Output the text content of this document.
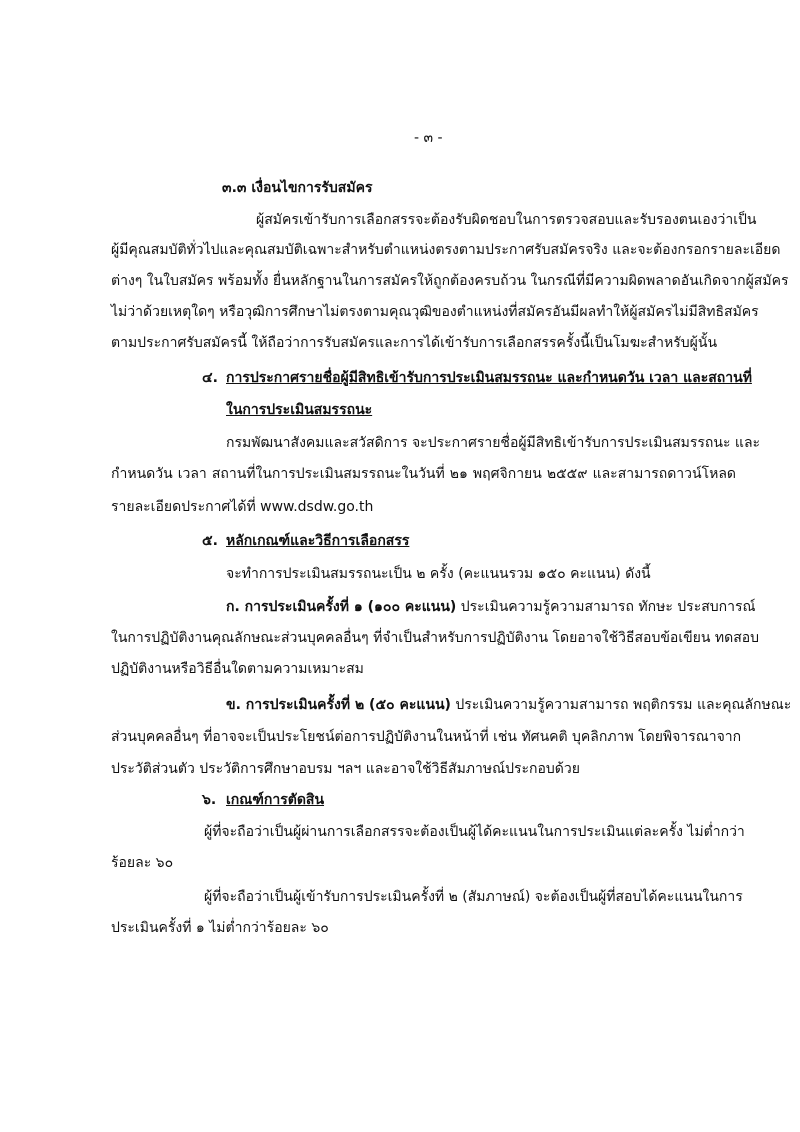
- ๓ -
๓.๓ เงื่อนไขการรับสมัคร
ผู้สมัครเข้ารับการเลือกสรรจะต้องรับผิดชอบในการตรวจสอบและรับรองตนเองว่าเป็น
ผู้มีคุณสมบัติทั่วไปและคุณสมบัติเฉพาะสำหรับตำแหน่งตรงตามประกาศรับสมัครจริง และจะต้องกรอกรายละเอียด
ต่างๆ ในใบสมัคร พร้อมทั้ง ยื่นหลักฐานในการสมัครให้ถูกต้องครบถ้วน ในกรณีที่มีความผิดพลาดอันเกิดจากผู้สมัคร
ไม่ว่าด้วยเหตุใดๆ หรือวุฒิการศึกษาไม่ตรงตามคุณวุฒิของตำแหน่งที่สมัครอันมีผลทำให้ผู้สมัครไม่มีสิทธิสมัคร
ตามประกาศรับสมัครนี้ ให้ถือว่าการรับสมัครและการได้เข้ารับการเลือกสรรครั้งนี้เป็นโมฆะสำหรับผู้นั้น
๔. การประกาศรายชื่อผู้มีสิทธิเข้ารับการประเมินสมรรถนะ และกำหนดวัน เวลา และสถานที่
ในการประเมินสมรรถนะ
กรมพัฒนาสังคมและสวัสดิการ จะประกาศรายชื่อผู้มีสิทธิเข้ารับการประเมินสมรรถนะ และ
กำหนดวัน เวลา สถานที่ในการประเมินสมรรถนะในวันที่ ๒๑ พฤศจิกายน ๒๕๕๙ และสามารถดาวน์โหลด
รายละเอียดประกาศได้ที่ www.dsdw.go.th
๕. หลักเกณฑ์และวิธีการเลือกสรร
จะทำการประเมินสมรรถนะเป็น ๒ ครั้ง (คะแนนรวม ๑๕๐ คะแนน) ดังนี้
ก. การประเมินครั้งที่ ๑ (๑๐๐ คะแนน) ประเมินความรู้ความสามารถ ทักษะ ประสบการณ์
ในการปฏิบัติงานคุณลักษณะส่วนบุคคลอื่นๆ ที่จำเป็นสำหรับการปฏิบัติงาน โดยอาจใช้วิธีสอบข้อเขียน ทดสอบ
ปฏิบัติงานหรือวิธีอื่นใดตามความเหมาะสม
ข. การประเมินครั้งที่ ๒ (๕๐ คะแนน) ประเมินความรู้ความสามารถ พฤติกรรม และคุณลักษณะ
ส่วนบุคคลอื่นๆ ที่อาจจะเป็นประโยชน์ต่อการปฏิบัติงานในหน้าที่ เช่น ทัศนคติ บุคลิกภาพ โดยพิจารณาจาก
ประวัติส่วนตัว ประวัติการศึกษาอบรม ฯลฯ และอาจใช้วิธีสัมภาษณ์ประกอบด้วย
๖. เกณฑ์การตัดสิน
ผู้ที่จะถือว่าเป็นผู้ผ่านการเลือกสรรจะต้องเป็นผู้ได้คะแนนในการประเมินแต่ละครั้ง ไม่ต่ำกว่า
ร้อยละ ๖๐
ผู้ที่จะถือว่าเป็นผู้เข้ารับการประเมินครั้งที่ ๒ (สัมภาษณ์) จะต้องเป็นผู้ที่สอบได้คะแนนในการ
ประเมินครั้งที่ ๑ ไม่ต่ำกว่าร้อยละ ๖๐
